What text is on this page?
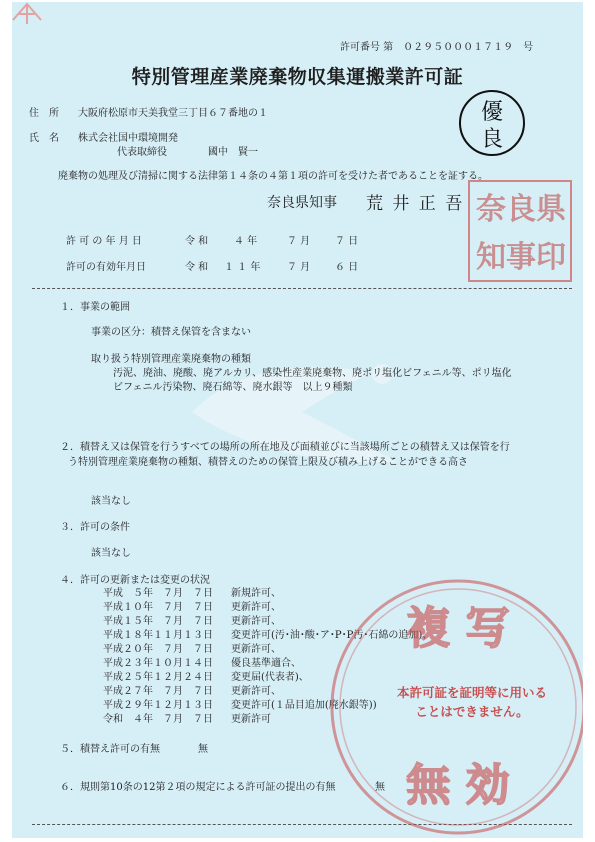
許可番号 第　０２９５０００１７１９　号
特別管理産業廃棄物収集運搬業許可証
住　所 大阪府松原市天美我堂三丁目６７番地の１
氏　名 株式会社国中環境開発
代表取締役	國中　賢一
優
良
廃棄物の処理及び清掃に関する法律第１４条の４第１項の許可を受けた者であることを証する。
奈良県知事 荒 井 正 吾 奈 良 県
知 事 印
許 可 の 年 月 日	令 和	４ 年	７ 月 ７ 日
許可の有効年月日	令 和 １ １ 年	７ 月 ６ 日
１．事業の範囲
事業の区分：積替え保管を含まない
取り扱う特別管理産業廃棄物の種類
汚泥、廃油、廃酸、廃アルカリ、感染性産業廃棄物、廃ポリ塩化ビフェニル等、ポリ塩化
ビフェニル汚染物、廃石綿等、廃水銀等　以上９種類
２．積替え又は保管を行うすべての場所の所在地及び面積並びに当該場所ごとの積替え又は保管を行
う特別管理産業廃棄物の種類、積替えのための保管上限及び積み上げることができる高さ
該当なし
３．許可の条件
該当なし
４．許可の更新または変更の状況
平成　５年　７月　７日 新規許可、
平成１０年　７月　７日 更新許可、
平成１５年　７月　７日 更新許可、
平成１８年１１月１３日 変更許可(汚･油･酸･ア･P･P汚･石綿の追加)、
平成２０年　７月　７日 更新許可、
平成２３年１０月１４日 優良基準適合、
平成２５年１２月２４日 変更届(代表者)、
平成２７年　７月　７日 更新許可、
平成２９年１２月１３日 変更許可(１品目追加(廃水銀等))
令和　４年　７月　７日 更新許可
５．積替え許可の有無	無
６．規則第10条の12第２項の規定による許可証の提出の有無	無
複 写
無 効
本許可証を証明等に用いる
ことはできません。
